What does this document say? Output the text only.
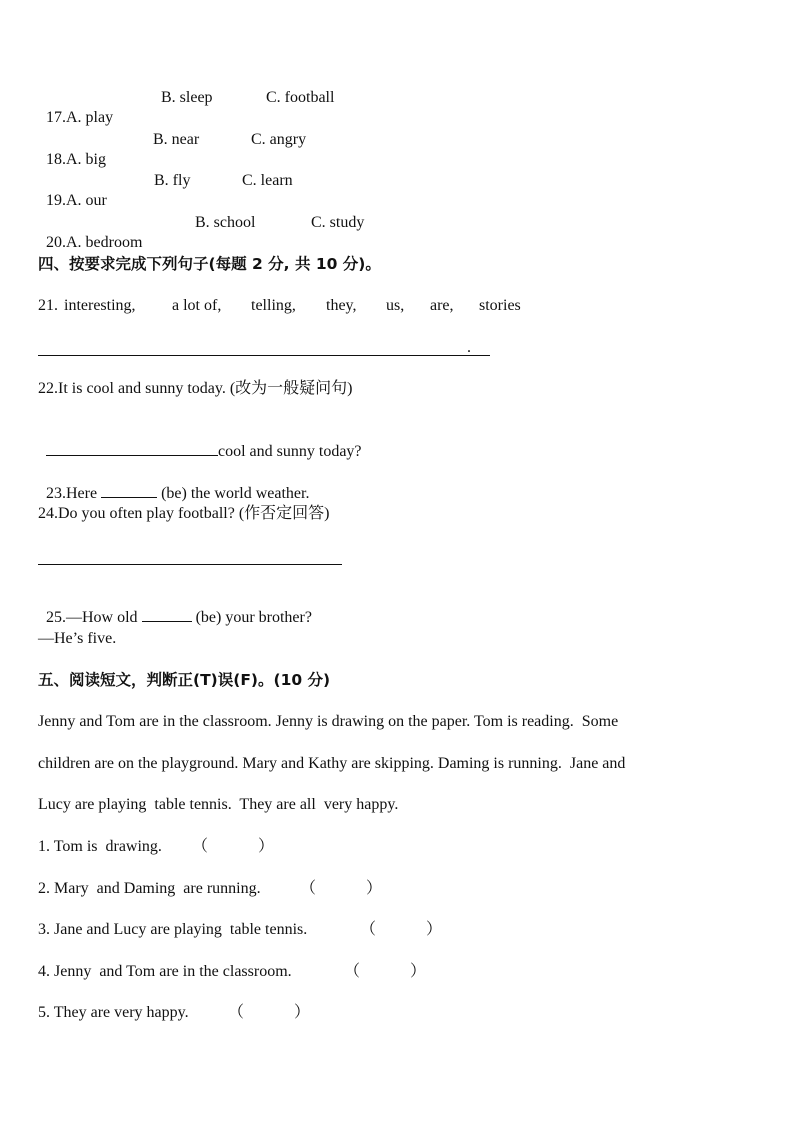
17.A. play

B. sleep	C. football

18.A. big

B. near	C. angry

19.A. our

B. fly	C. learn

20.A. bedroom

B. school	C. study
四、按要求完成下列句子(每题 2 分, 共 10 分)。
21. interesting, a lot of, telling, they, us, are, stories
.
22.It is cool and sunny today. (改为一般疑问句)

cool and sunny today?

23.Here	(be) the world weather.

24.Do you often play football? (作否定回答)

25.—How old	(be) your brother?

—He’s five.
五、阅读短文，判断正(T)误(F)。(10 分)
Jenny and Tom are in the classroom. Jenny is drawing on the paper. Tom is reading.  Some
children are on the playground. Mary and Kathy are skipping. Daming is running.  Jane and
Lucy are playing  table tennis.  They are all  very happy.
1. Tom is  drawing. （	）
2. Mary  and Daming  are running. （	）
3. Jane and Lucy are playing  table tennis.	（	）
4. Jenny  and Tom are in the classroom.	（	）
5. They are very happy. （	）
